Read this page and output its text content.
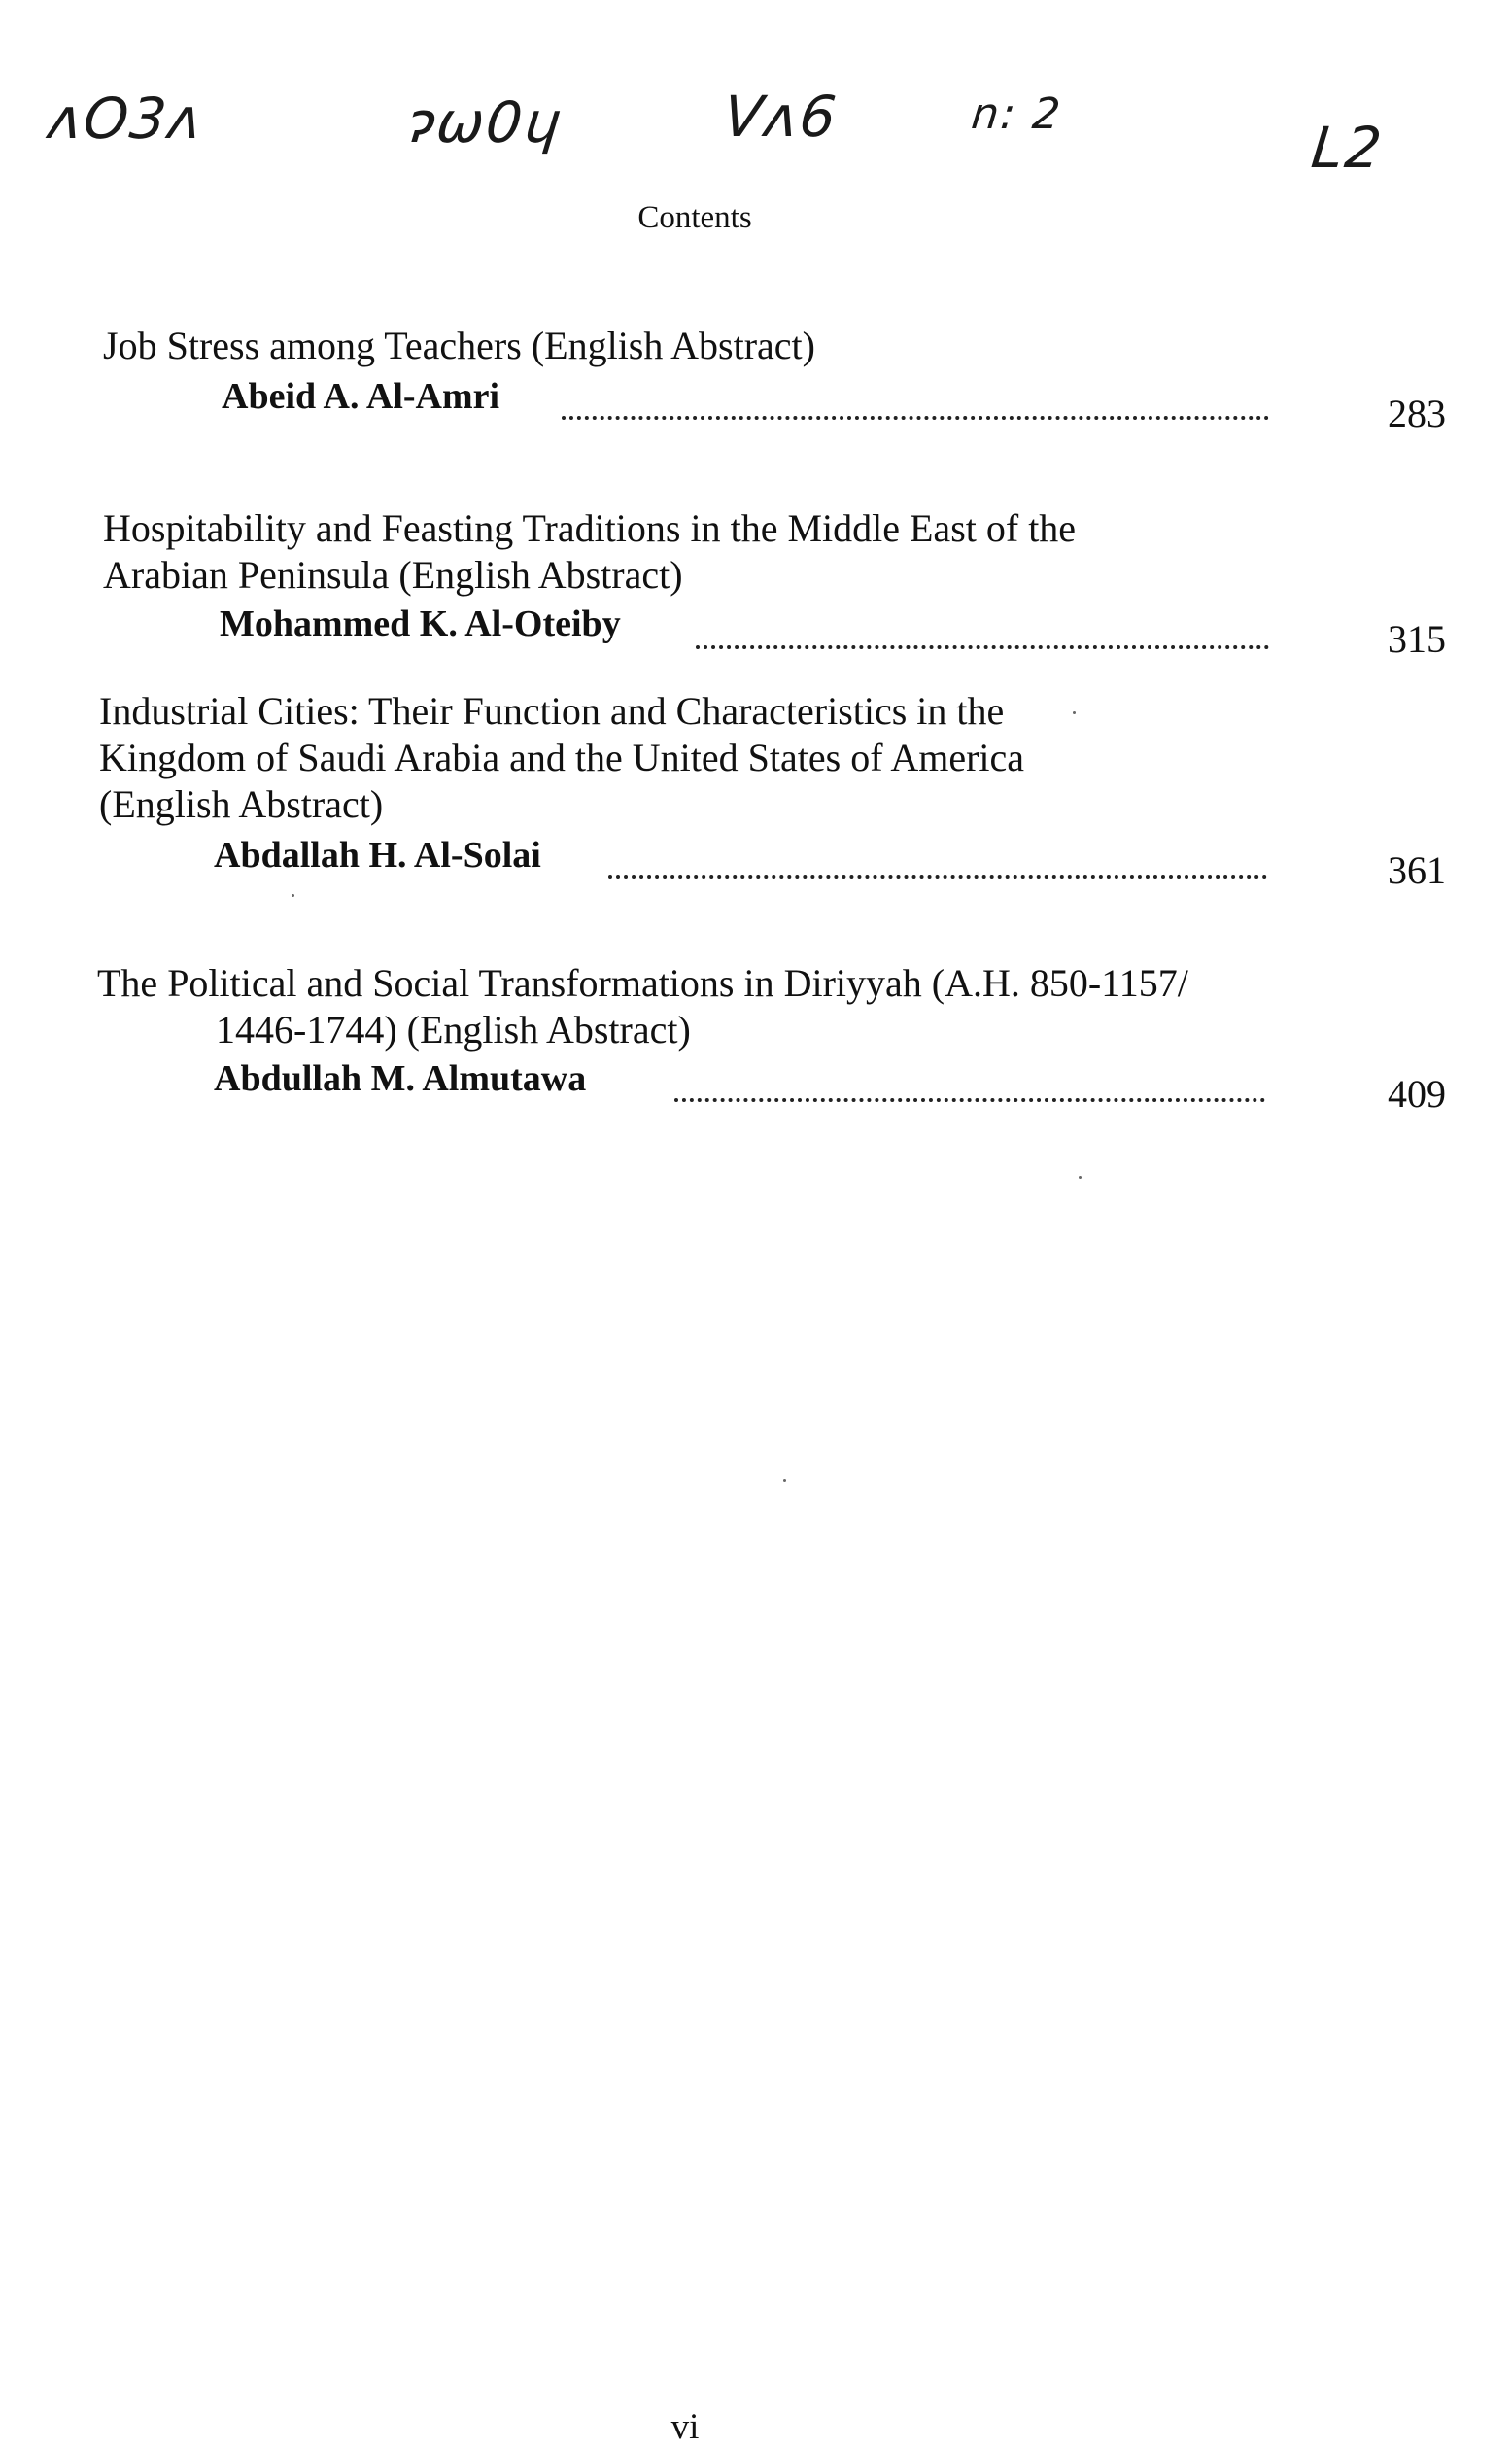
ʌO3ʌ	ɂω0ɥ	Vʌ6	n: 2
L2
Contents
Job Stress among Teachers (English Abstract)
Abeid A. Al-Amri	283
Hospitability and Feasting Traditions in the Middle East of the
Arabian Peninsula (English Abstract)
Mohammed K. Al-Oteiby	315
Industrial Cities: Their Function and Characteristics in the
Kingdom of Saudi Arabia and the United States of America
(English Abstract)
Abdallah H. Al-Solai	361
The Political and Social Transformations in Diriyyah (A.H. 850-1157/
1446-1744) (English Abstract)
Abdullah M. Almutawa	409
vi
